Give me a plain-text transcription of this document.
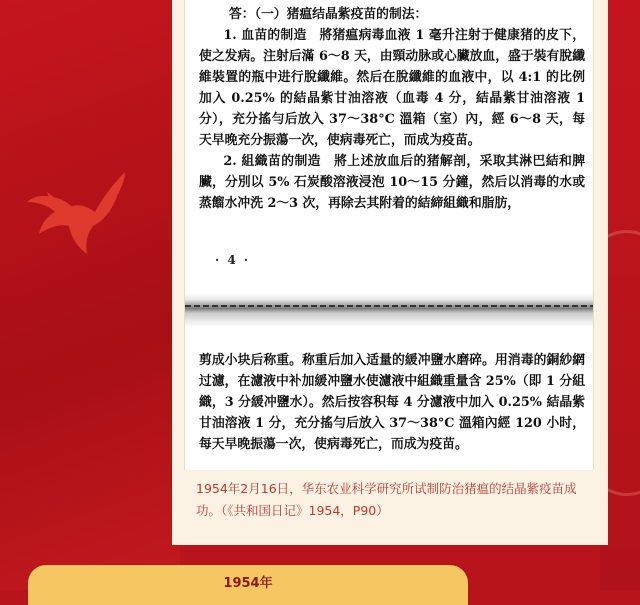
答：（一）猪瘟结晶紫疫苗的制法：

1. 血苗的制造　將猪瘟病毒血液 1 毫升注射于健康猪的皮下，使之发病。注射后滿 6～8 天，由頸动脉或心臟放血，盛于裝有脫纖維裝置的瓶中进行脫纖維。然后在脫纖維的血液中，以 4:1 的比例加入 0.25% 的結晶紫甘油溶液（血毒 4 分，結晶紫甘油溶液 1 分），充分搖勻后放入 37～38°C 溫箱（室）內，經 6～8 天，每天早晚充分振蕩一次，使病毒死亡，而成为疫苗。

2. 組織苗的制造　將上述放血后的猪解剖，采取其淋巴結和脾臟，分別以 5% 石炭酸溶液浸泡 10～15 分鐘，然后以消毒的水或蒸餾水冲洗 2～3 次，再除去其附着的結締組織和脂肪，

· 4 ·

剪成小块后称重。称重后加入适量的緩冲鹽水磨碎。用消毒的銅紗網过濾，在濾液中补加緩冲鹽水使濾液中組織重量含 25%（即 1 分組織，3 分緩冲鹽水）。然后按容积每 4 分濾液中加入 0.25% 結晶紫甘油溶液 1 分，充分搖勻后放入 37～38°C 溫箱內經 120 小时，每天早晚振蕩一次，使病毒死亡，而成为疫苗。

1954年2月16日，华东农业科学研究所试制防治猪瘟的结晶紫疫苗成功。（《共和国日记》1954，P90）
1954年
